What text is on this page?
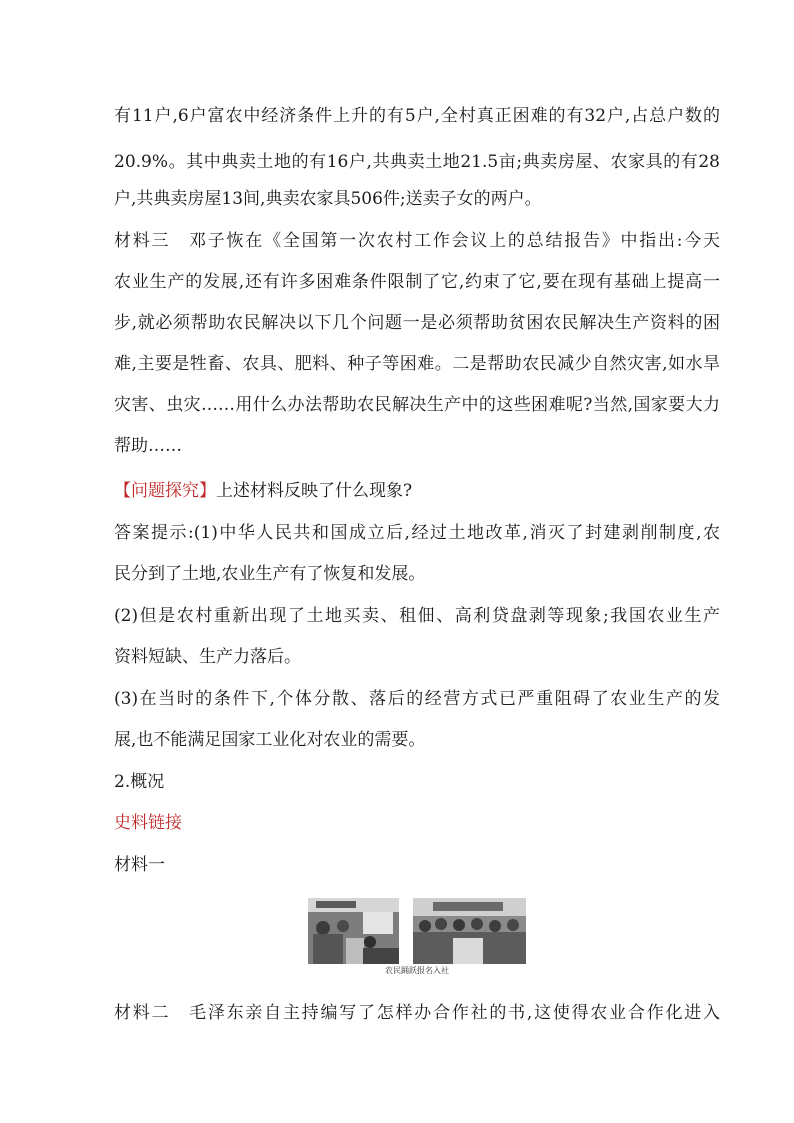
有11户,6户富农中经济条件上升的有5户,全村真正困难的有32户,占总户数的
20.9%。其中典卖土地的有16户,共典卖土地21.5亩;典卖房屋、农家具的有28
户,共典卖房屋13间,典卖农家具506件;送卖子女的两户。
材料三　邓子恢在《全国第一次农村工作会议上的总结报告》中指出:今天
农业生产的发展,还有许多困难条件限制了它,约束了它,要在现有基础上提高一
步,就必须帮助农民解决以下几个问题一是必须帮助贫困农民解决生产资料的困
难,主要是牲畜、农具、肥料、种子等困难。二是帮助农民减少自然灾害,如水旱
灾害、虫灾……用什么办法帮助农民解决生产中的这些困难呢?当然,国家要大力
帮助……
【问题探究】上述材料反映了什么现象?
答案提示:(1)中华人民共和国成立后,经过土地改革,消灭了封建剥削制度,农
民分到了土地,农业生产有了恢复和发展。
(2)但是农村重新出现了土地买卖、租佃、高利贷盘剥等现象;我国农业生产
资料短缺、生产力落后。
(3)在当时的条件下,个体分散、落后的经营方式已严重阻碍了农业生产的发
展,也不能满足国家工业化对农业的需要。
2.概况
史料链接
材料一
农民踊跃报名入社
材料二　毛泽东亲自主持编写了怎样办合作社的书,这使得农业合作化进入
